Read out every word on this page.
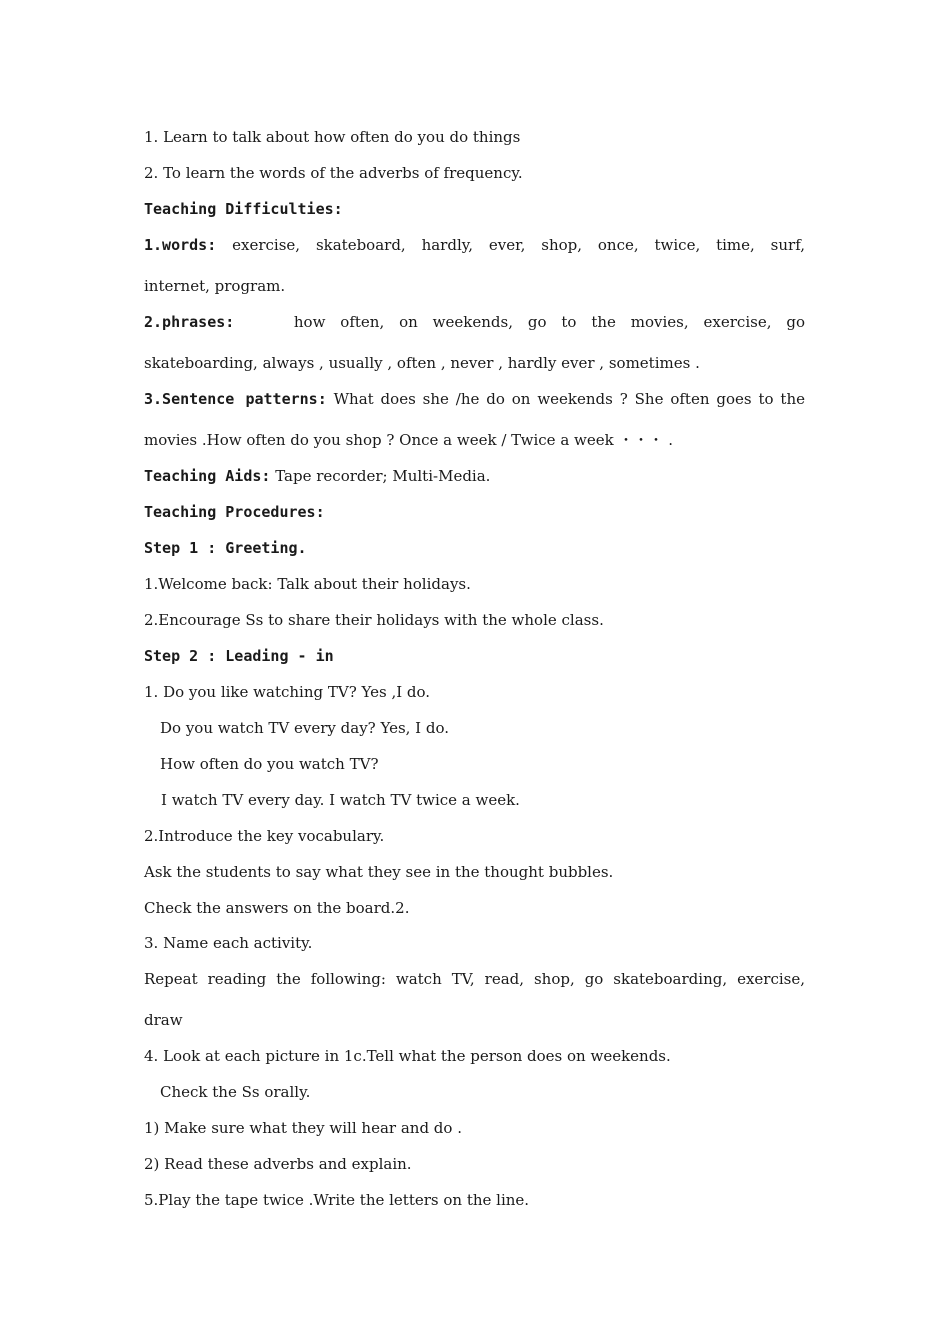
1. Learn to talk about how often do you do things
2. To learn the words of the adverbs of frequency.
Teaching Difficulties:
1.words: exercise, skateboard, hardly, ever, shop, once, twice, time, surf,
internet, program.
2.phrases:	how often, on weekends, go to the movies, exercise, go
skateboarding, always , usually , often , never , hardly ever , sometimes .
3.Sentence patterns: What does she /he do on weekends ? She often goes to the
movies .How often do you shop ? Once a week / Twice a week ・・・ .
Teaching Aids: Tape recorder; Multi-Media.
Teaching Procedures:
Step 1 : Greeting.
1.Welcome back: Talk about their holidays.
2.Encourage Ss to share their holidays with the whole class.
Step 2 : Leading - in
1. Do you like watching TV? Yes ,I do.
Do you watch TV every day? Yes, I do.
How often do you watch TV?
I watch TV every day. I watch TV twice a week.
2.Introduce the key vocabulary.
Ask the students to say what they see in the thought bubbles.
Check the answers on the board.2.
3. Name each activity.
Repeat reading the following: watch TV, read, shop, go skateboarding, exercise,
draw
4. Look at each picture in 1c.Tell what the person does on weekends.
Check the Ss orally.
1) Make sure what they will hear and do .
2) Read these adverbs and explain.
5.Play the tape twice .Write the letters on the line.
